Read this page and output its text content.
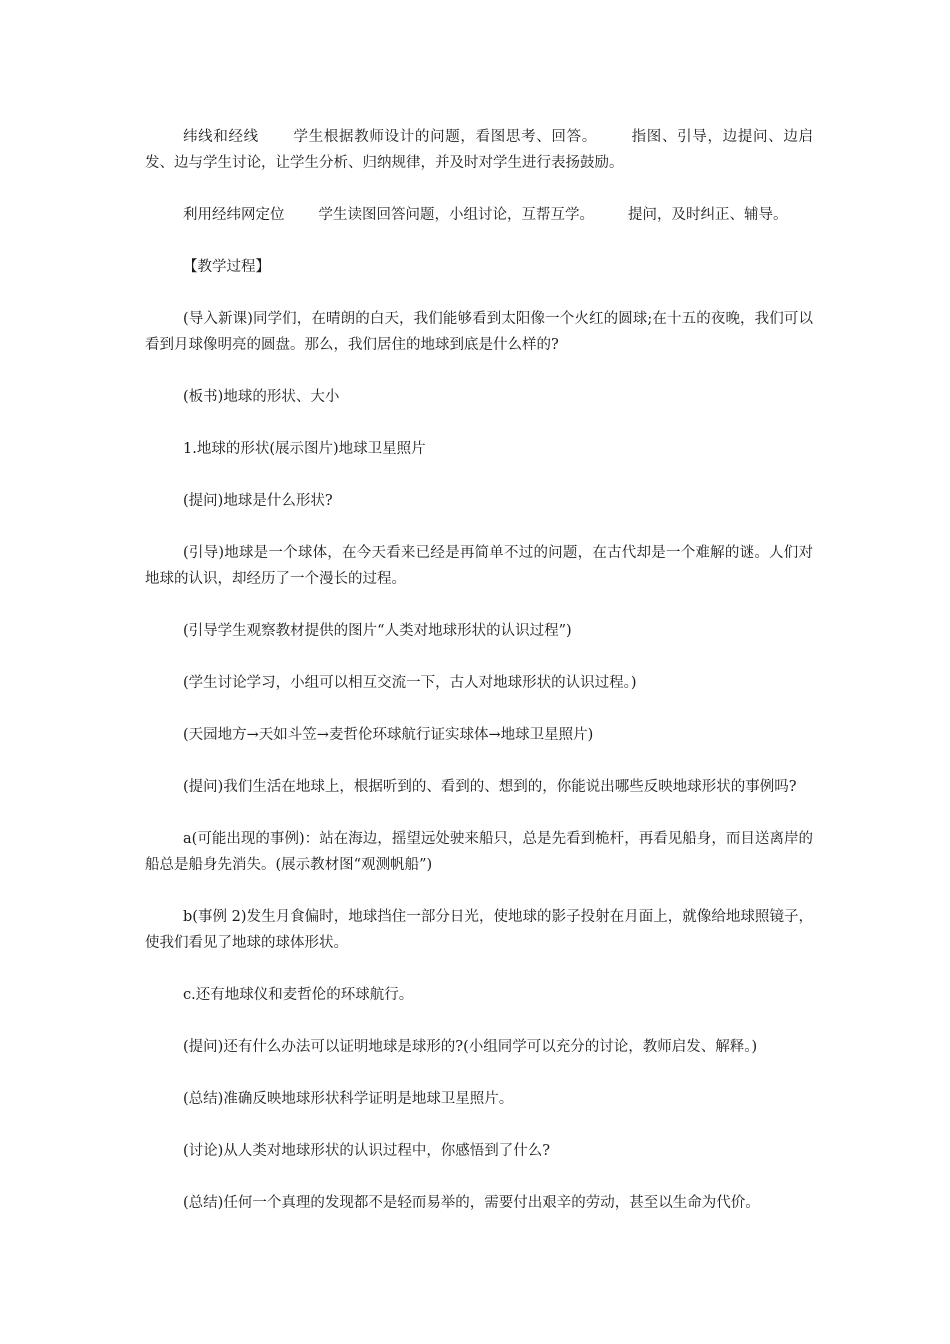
纬线和经线 学生根据教师设计的问题，看图思考、回答。 指图、引导，边提问、边启发、边与学生讨论，让学生分析、归纳规律，并及时对学生进行表扬鼓励。

利用经纬网定位 学生读图回答问题，小组讨论，互帮互学。 提问，及时纠正、辅导。

【教学过程】

(导入新课)同学们，在晴朗的白天，我们能够看到太阳像一个火红的圆球;在十五的夜晚，我们可以看到月球像明亮的圆盘。那么，我们居住的地球到底是什么样的?

(板书)地球的形状、大小

1.地球的形状(展示图片)地球卫星照片

(提问)地球是什么形状?

(引导)地球是一个球体，在今天看来已经是再简单不过的问题，在古代却是一个难解的谜。人们对地球的认识，却经历了一个漫长的过程。

(引导学生观察教材提供的图片“人类对地球形状的认识过程”)

(学生讨论学习，小组可以相互交流一下，古人对地球形状的认识过程。)

(天园地方→天如斗笠→麦哲伦环球航行证实球体→地球卫星照片)

(提问)我们生活在地球上，根据听到的、看到的、想到的，你能说出哪些反映地球形状的事例吗?

a(可能出现的事例)：站在海边，摇望远处驶来船只，总是先看到桅杆，再看见船身，而目送离岸的船总是船身先消失。(展示教材图“观测帆船”)

b(事例 2)发生月食偏时，地球挡住一部分日光，使地球的影子投射在月面上，就像给地球照镜子，使我们看见了地球的球体形状。

c.还有地球仪和麦哲伦的环球航行。

(提问)还有什么办法可以证明地球是球形的?(小组同学可以充分的讨论，教师启发、解释。)

(总结)准确反映地球形状科学证明是地球卫星照片。

(讨论)从人类对地球形状的认识过程中，你感悟到了什么?

(总结)任何一个真理的发现都不是轻而易举的，需要付出艰辛的劳动，甚至以生命为代价。
